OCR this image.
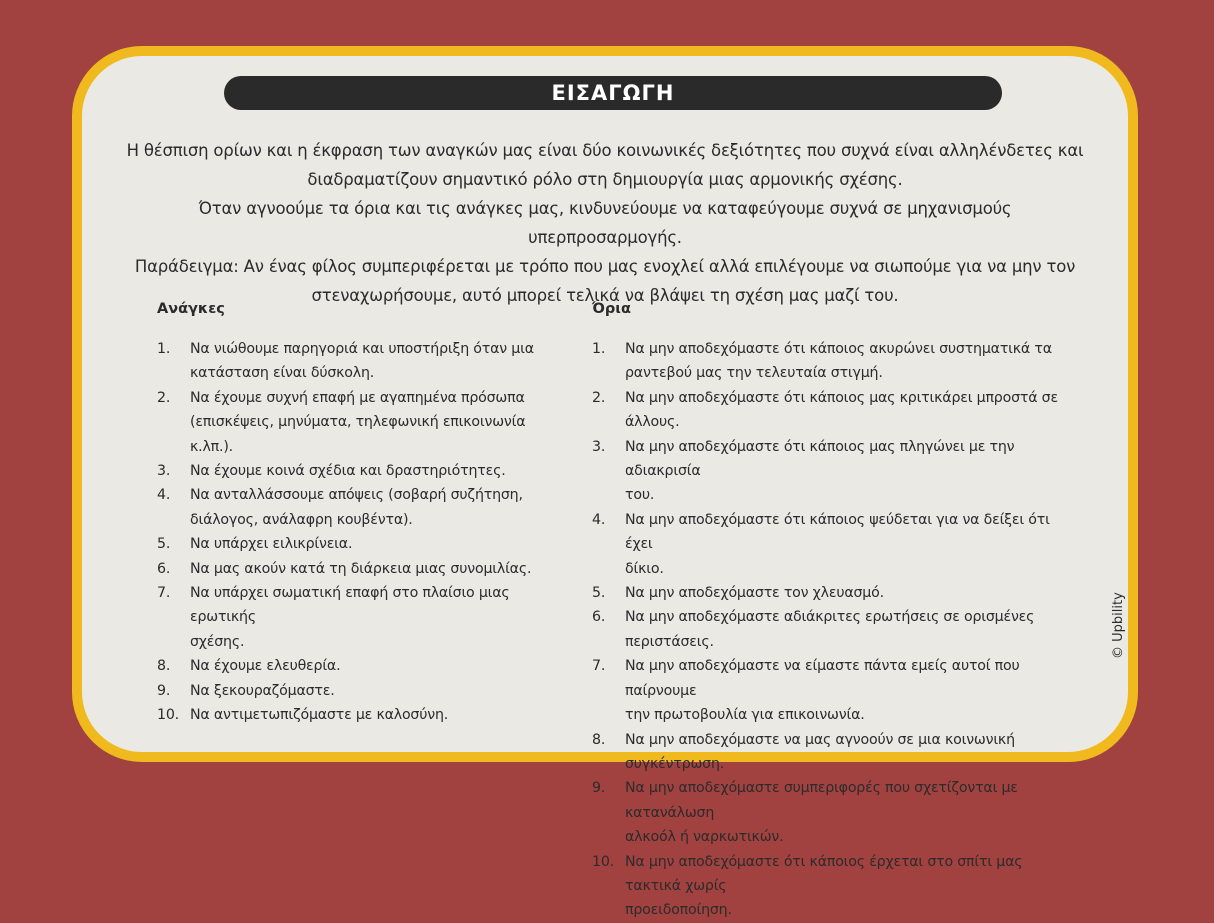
ΕΙΣΑΓΩΓΗ

Η θέσπιση ορίων και η έκφραση των αναγκών μας είναι δύο κοινωνικές δεξιότητες που συχνά είναι αλληλένδετες και διαδραματίζουν σημαντικό ρόλο στη δημιουργία μιας αρμονικής σχέσης.

Όταν αγνοούμε τα όρια και τις ανάγκες μας, κινδυνεύουμε να καταφεύγουμε συχνά σε μηχανισμούς υπερπροσαρμογής.

Παράδειγμα: Αν ένας φίλος συμπεριφέρεται με τρόπο που μας ενοχλεί αλλά επιλέγουμε να σιωπούμε για να μην τον στεναχωρήσουμε, αυτό μπορεί τελικά να βλάψει τη σχέση μας μαζί του.

Ανάγκες
1. Να νιώθουμε παρηγοριά και υποστήριξη όταν μια
κατάσταση είναι δύσκολη.
2. Να έχουμε συχνή επαφή με αγαπημένα πρόσωπα
(επισκέψεις, μηνύματα, τηλεφωνική επικοινωνία κ.λπ.).
3. Να έχουμε κοινά σχέδια και δραστηριότητες.
4. Να ανταλλάσσουμε απόψεις (σοβαρή συζήτηση,
διάλογος, ανάλαφρη κουβέντα).
5. Να υπάρχει ειλικρίνεια.
6. Να μας ακούν κατά τη διάρκεια μιας συνομιλίας.
7. Να υπάρχει σωματική επαφή στο πλαίσιο μιας ερωτικής
σχέσης.
8. Να έχουμε ελευθερία.
9. Να ξεκουραζόμαστε.
10. Να αντιμετωπιζόμαστε με καλοσύνη.
Όρια
1. Να μην αποδεχόμαστε ότι κάποιος ακυρώνει συστηματικά τα
ραντεβού μας την τελευταία στιγμή.
2. Να μην αποδεχόμαστε ότι κάποιος μας κριτικάρει μπροστά σε άλλους.
3. Να μην αποδεχόμαστε ότι κάποιος μας πληγώνει με την αδιακρισία
του.
4. Να μην αποδεχόμαστε ότι κάποιος ψεύδεται για να δείξει ότι έχει
δίκιο.
5. Να μην αποδεχόμαστε τον χλευασμό.
6. Να μην αποδεχόμαστε αδιάκριτες ερωτήσεις σε ορισμένες
περιστάσεις.
7. Να μην αποδεχόμαστε να είμαστε πάντα εμείς αυτοί που παίρνουμε
την πρωτοβουλία για επικοινωνία.
8. Να μην αποδεχόμαστε να μας αγνοούν σε μια κοινωνική συγκέντρωση.
9. Να μην αποδεχόμαστε συμπεριφορές που σχετίζονται με κατανάλωση
αλκοόλ ή ναρκωτικών.
10. Να μην αποδεχόμαστε ότι κάποιος έρχεται στο σπίτι μας τακτικά χωρίς
προειδοποίηση.
© Upbility
